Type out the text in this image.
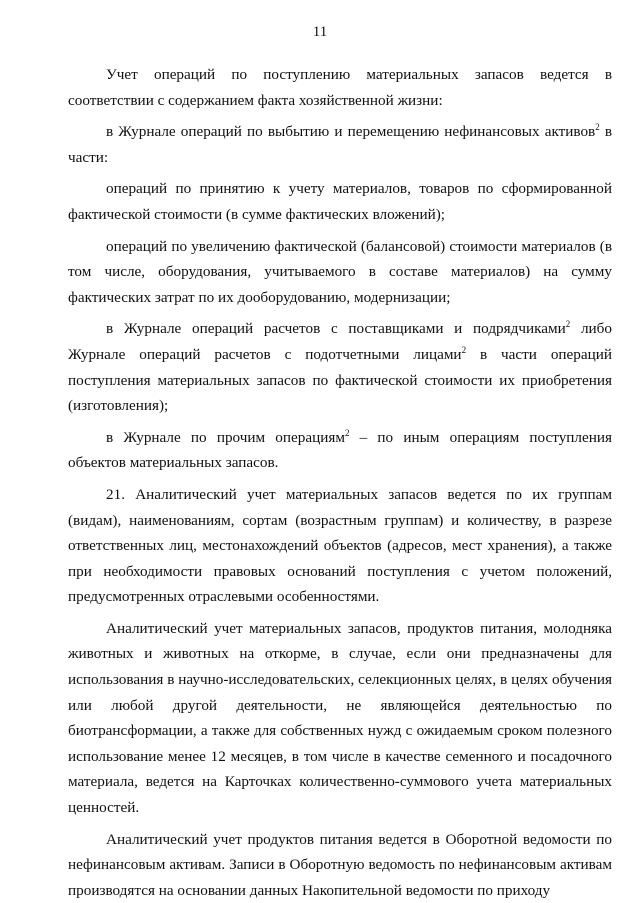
11

Учет операций по поступлению материальных запасов ведется в соответствии с содержанием факта хозяйственной жизни:

в Журнале операций по выбытию и перемещению нефинансовых активов$^2$ в части:

операций по принятию к учету материалов, товаров по сформированной фактической стоимости (в сумме фактических вложений);

операций по увеличению фактической (балансовой) стоимости материалов (в том числе, оборудования, учитываемого в составе материалов) на сумму фактических затрат по их дооборудованию, модернизации;

в Журнале операций расчетов с поставщиками и подрядчиками$^2$ либо Журнале операций расчетов с подотчетными лицами$^2$ в части операций поступления материальных запасов по фактической стоимости их приобретения (изготовления);

в Журнале по прочим операциям$^2$ – по иным операциям поступления объектов материальных запасов.

21. Аналитический учет материальных запасов ведется по их группам (видам), наименованиям, сортам (возрастным группам) и количеству, в разрезе ответственных лиц, местонахождений объектов (адресов, мест хранения), а также при необходимости правовых оснований поступления с учетом положений, предусмотренных отраслевыми особенностями.

Аналитический учет материальных запасов, продуктов питания, молодняка животных и животных на откорме, в случае, если они предназначены для использования в научно-исследовательских, селекционных целях, в целях обучения или любой другой деятельности, не являющейся деятельностью по биотрансформации, а также для собственных нужд с ожидаемым сроком полезного использование менее 12 месяцев, в том числе в качестве семенного и посадочного материала, ведется на Карточках количественно-суммового учета материальных ценностей.

Аналитический учет продуктов питания ведется в Оборотной ведомости по нефинансовым активам. Записи в Оборотную ведомость по нефинансовым активам производятся на основании данных Накопительной ведомости по приходу
